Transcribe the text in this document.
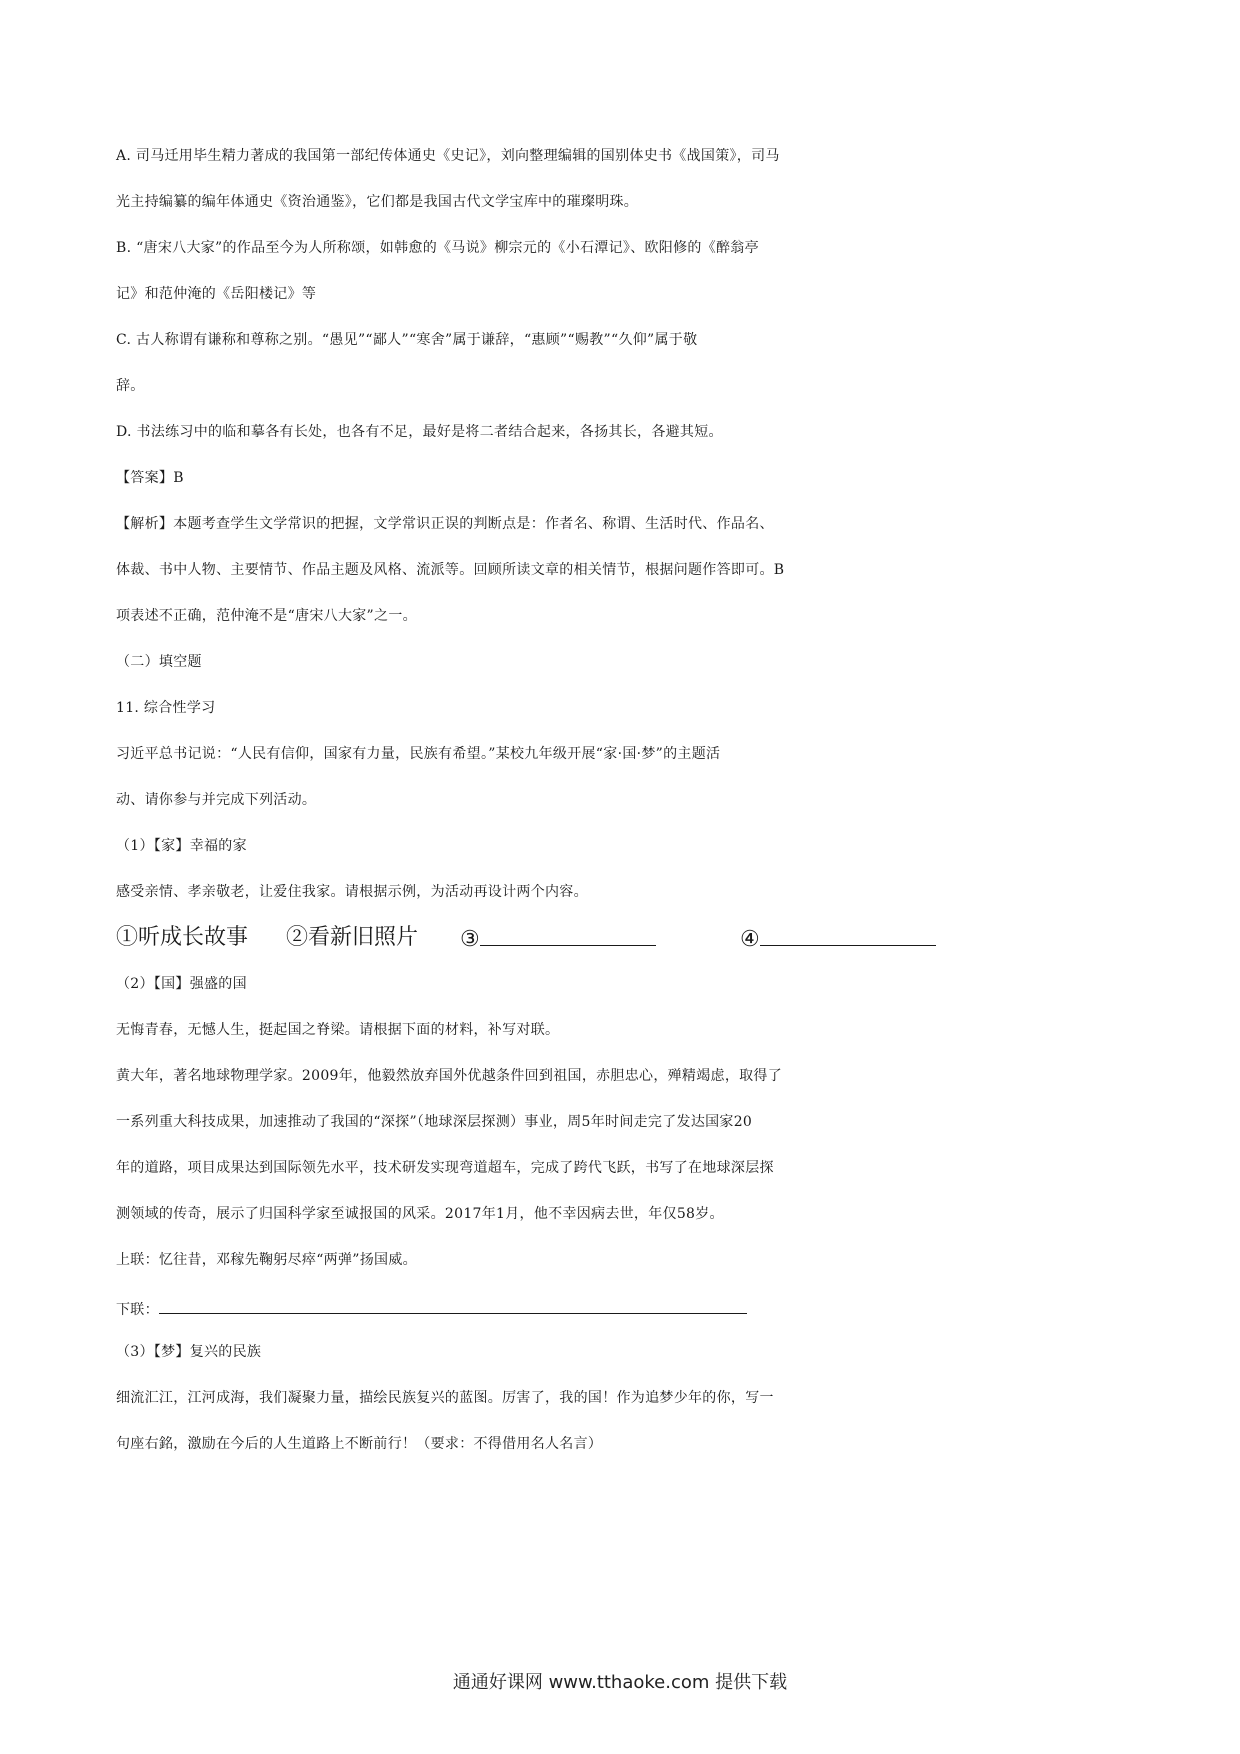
A. 司马迁用毕生精力著成的我国第一部纪传体通史《史记》，刘向整理编辑的国别体史书《战国策》，司马
光主持编纂的编年体通史《资治通鉴》，它们都是我国古代文学宝库中的璀璨明珠。
B. “唐宋八大家”的作品至今为人所称颂，如韩愈的《马说》柳宗元的《小石潭记》、欧阳修的《醉翁亭
记》和范仲淹的《岳阳楼记》等
C. 古人称谓有谦称和尊称之别。“愚见”“鄙人”“寒舍”属于谦辞，“惠顾”“赐教”“久仰”属于敬
辞。
D. 书法练习中的临和摹各有长处，也各有不足，最好是将二者结合起来，各扬其长，各避其短。
【答案】B
【解析】本题考查学生文学常识的把握，文学常识正误的判断点是：作者名、称谓、生活时代、作品名、
体裁、书中人物、主要情节、作品主题及风格、流派等。回顾所读文章的相关情节，根据问题作答即可。B
项表述不正确，范仲淹不是“唐宋八大家”之一。
（二）填空题
11. 综合性学习
习近平总书记说：“人民有信仰，国家有力量，民族有希望。”某校九年级开展“家·国·梦”的主题活
动、请你参与并完成下列活动。
（1）【家】幸福的家
感受亲情、孝亲敬老，让爱住我家。请根据示例，为活动再设计两个内容。
①听成长故事 ②看新旧照片 ③	④
（2）【国】强盛的国
无悔青春，无憾人生，挺起国之脊梁。请根据下面的材料，补写对联。
黄大年，著名地球物理学家。2009年，他毅然放弃国外优越条件回到祖国，赤胆忠心，殚精竭虑，取得了
一系列重大科技成果，加速推动了我国的“深探”（地球深层探测）事业，周5年时间走完了发达国家20
年的道路，项目成果达到国际领先水平，技术研发实现弯道超车，完成了跨代飞跃，书写了在地球深层探
测领域的传奇，展示了归国科学家至诚报国的风采。2017年1月，他不幸因病去世，年仅58岁。
上联：忆往昔，邓稼先鞠躬尽瘁“两弹”扬国威。
下联：
（3）【梦】复兴的民族
细流汇江，江河成海，我们凝聚力量，描绘民族复兴的蓝图。厉害了，我的国！作为追梦少年的你，写一
句座右銘，激励在今后的人生道路上不断前行！（要求：不得借用名人名言）
通通好课网 www.tthaoke.com 提供下载
